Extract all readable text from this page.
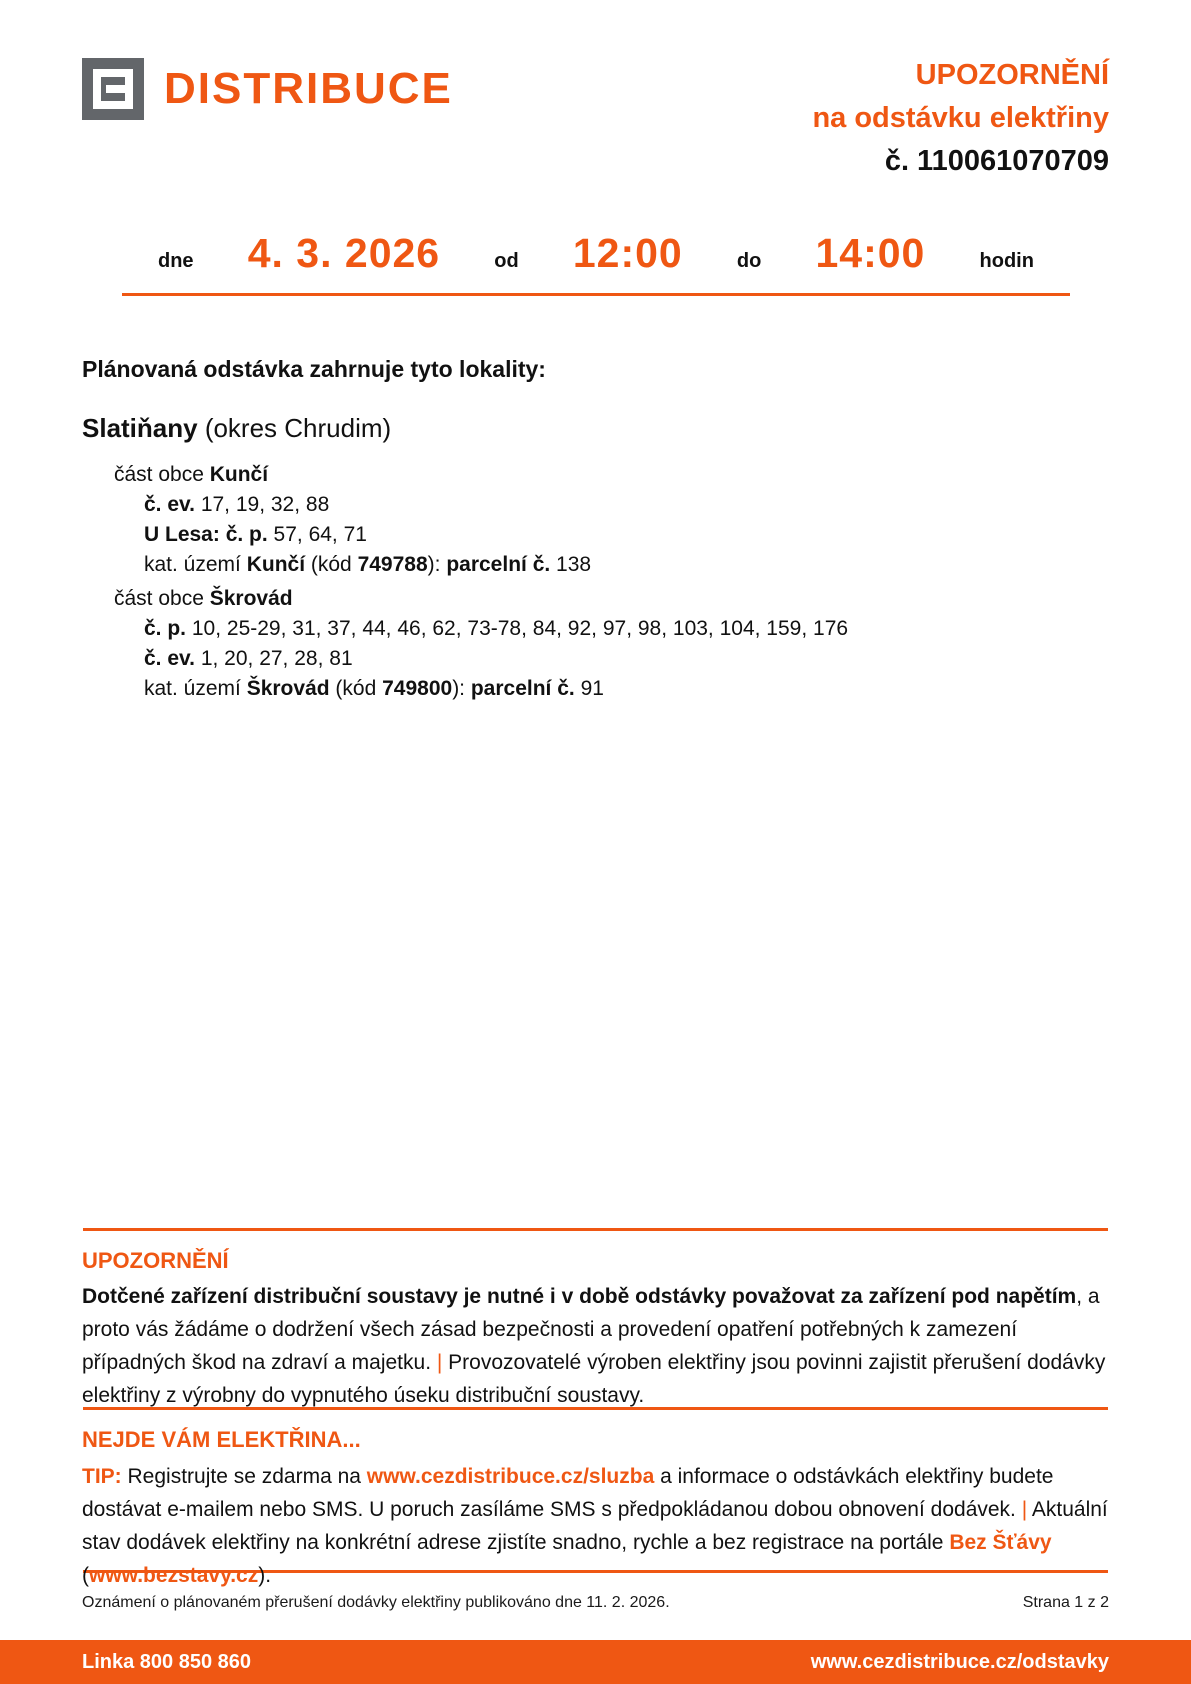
DISTRIBUCE	UPOZORNĚNÍ
na odstávku elektřiny
č. 110061070709
dne 4. 3. 2026	od 12:00	do 14:00	hodin
Plánovaná odstávka zahrnuje tyto lokality:
Slatiňany (okres Chrudim)
část obce Kunčí
č. ev. 17, 19, 32, 88
U Lesa: č. p. 57, 64, 71
kat. území Kunčí (kód 749788): parcelní č. 138
část obce Škrovád
č. p. 10, 25-29, 31, 37, 44, 46, 62, 73-78, 84, 92, 97, 98, 103, 104, 159, 176
č. ev. 1, 20, 27, 28, 81
kat. území Škrovád (kód 749800): parcelní č. 91
UPOZORNĚNÍ
Dotčené zařízení distribuční soustavy je nutné i v době odstávky považovat za zařízení pod napětím, a proto vás žádáme o dodržení všech zásad bezpečnosti a provedení opatření potřebných k zamezení případných škod na zdraví a majetku. | Provozovatelé výroben elektřiny jsou povinni zajistit přerušení dodávky elektřiny z výrobny do vypnutého úseku distribuční soustavy.
NEJDE VÁM ELEKTŘINA...
TIP: Registrujte se zdarma na www.cezdistribuce.cz/sluzba a informace o odstávkách elektřiny budete dostávat e-mailem nebo SMS. U poruch zasíláme SMS s předpokládanou dobou obnovení dodávek. | Aktuální stav dodávek elektřiny na konkrétní adrese zjistíte snadno, rychle a bez registrace na portále Bez Šťávy (www.bezstavy.cz).
Oznámení o plánovaném přerušení dodávky elektřiny publikováno dne 11. 2. 2026.	Strana 1 z 2
Linka 800 850 860	www.cezdistribuce.cz/odstavky
